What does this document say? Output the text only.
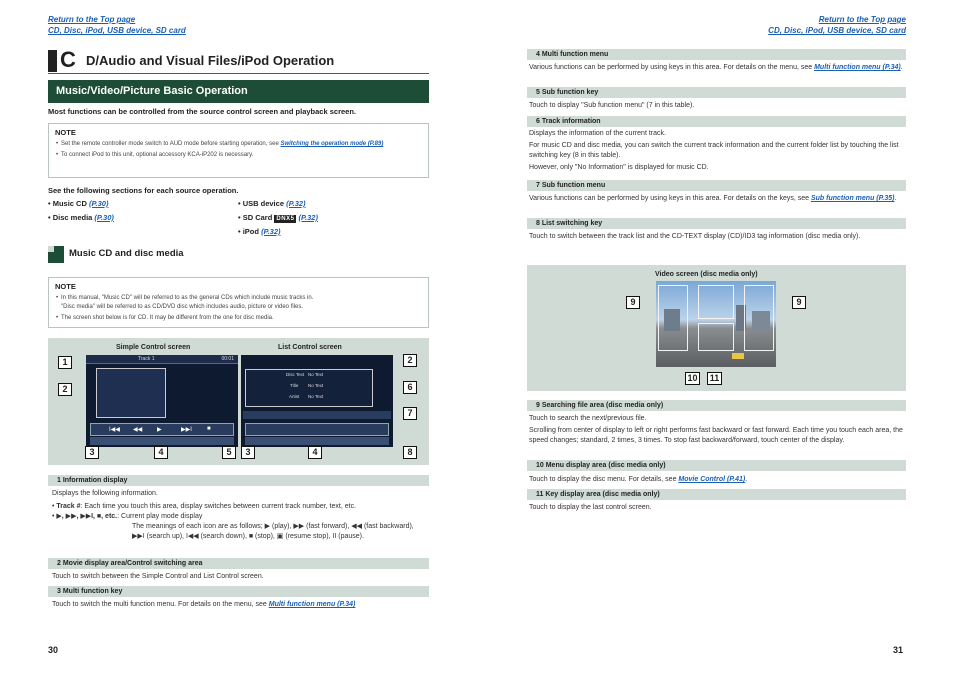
Return to the Top page
CD, Disc, iPod, USB device, SD card
C D/Audio and Visual Files/iPod Operation
Music/Video/Picture Basic Operation
Most functions can be controlled from the source control screen and playback screen.
NOTE
• Set the remote controller mode switch to AUD mode before starting operation, see Switching the operation mode (P.89)
• To connect iPod to this unit, optional accessory KCA-iP202 is necessary.
See the following sections for each source operation.
• Music CD (P.30)
• Disc media (P.30)
• USB device (P.32)
• SD Card DNX5 (P.32)
• iPod (P.32)
Music CD and disc media
NOTE
• In this manual, "Music CD" will be referred to as the general CDs which include music tracks in.
"Disc media" will be referred to as CD/DVD disc which includes audio, picture or video files.
• The screen shot below is for CD. It may be different from the one for disc media.
Simple Control screen	List Control screen
Track 1	00:01
I◀◀ ◀◀ ▶	▶▶I	■
Disc Text No Text
Title No Text
Artist No Text
1
2
3	4	5	3	4	8
2
6
7
1 Information display
Displays the following information.
• Track #: Each time you touch this area, display switches between current track number, text, etc.
• ▶, ▶▶, ▶▶I, ■, etc.: Current play mode display
The meanings of each icon are as follows; ▶ (play), ▶▶ (fast forward), ◀◀ (fast backward), ▶▶I (search up), I◀◀ (search down), ■ (stop), ▣ (resume stop), II (pause).
2 Movie display area/Control switching area
Touch to switch between the Simple Control and List Control screen.
3 Multi function key
Touch to switch the multi function menu. For details on the menu, see Multi function menu (P.34)
30
Return to the Top page
CD, Disc, iPod, USB device, SD card
4 Multi function menu
Various functions can be performed by using keys in this area. For details on the menu, see Multi function menu (P.34).
5 Sub function key
Touch to display "Sub function menu" (7 in this table).
6 Track information
Displays the information of the current track.
For music CD and disc media, you can switch the current track information and the current folder list by touching the list switching key (8 in this table).
However, only "No Information" is displayed for music CD.
7 Sub function menu
Various functions can be performed by using keys in this area. For details on the keys, see Sub function menu (P.35).
8 List switching key
Touch to switch between the track list and the CD-TEXT display (CD)/ID3 tag information (disc media only).
Video screen (disc media only)
9	9
10	11
9 Searching file area (disc media only)
Touch to search the next/previous file.
Scrolling from center of display to left or right performs fast backward or fast forward. Each time you touch each area, the speed changes; standard, 2 times, 3 times. To stop fast backward/forward, touch center of the display.
10 Menu display area (disc media only)
Touch to display the disc menu. For details, see Movie Control (P.41).
11 Key display area (disc media only)
Touch to display the last control screen.
31
